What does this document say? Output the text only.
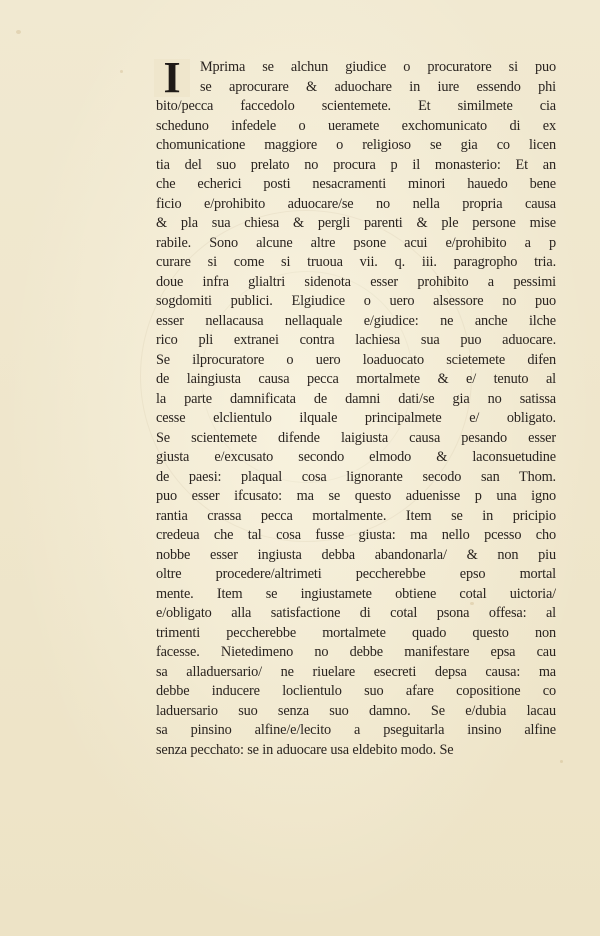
I	Mprima se alchun giudice o procuratore si puo
se aprocurare & aduochare in iure essendo phi
bito/pecca faccedolo scientemete. Et similmete cia
scheduno infedele o ueramete exchomunicato di ex
chomunicatione maggiore o religioso se gia co licen
tia del suo prelato no procura p il monasterio: Et an
che echerici posti nesacramenti minori hauedo bene
ficio e/prohibito aduocare/se no nella propria causa
& pla sua chiesa & pergli parenti & ple persone mise
rabile. Sono alcune altre psone acui e/prohibito a p
curare si come si truoua vii. q. iii. paragropho tria.
doue infra glialtri sidenota esser prohibito a pessimi
sogdomiti publici. Elgiudice o uero alsessore no puo
esser nellacausa nellaquale e/giudice: ne anche ilche
rico pli extranei contra lachiesa sua puo aduocare.
Se ilprocuratore o uero loaduocato scietemete difen
de laingiusta causa pecca mortalmete & e/ tenuto al
la parte damnificata de damni dati/se gia no satissa
cesse elclientulo ilquale principalmete e/ obligato.
Se scientemete difende laigiusta causa pesando esser
giusta e/excusato secondo elmodo & laconsuetudine
de paesi: plaqual cosa lignorante secodo san Thom.
puo esser ifcusato: ma se questo aduenisse p una igno
rantia crassa pecca mortalmente. Item se in pricipio
credeua che tal cosa fusse giusta: ma nello pcesso cho
nobbe esser ingiusta debba abandonarla/ & non piu
oltre procedere/altrimeti peccherebbe epso mortal
mente. Item se ingiustamete obtiene cotal uictoria/
e/obligato alla satisfactione di cotal psona offesa: al
trimenti peccherebbe mortalmete quado questo non
facesse. Nietedimeno no debbe manifestare epsa cau
sa alladuersario/ ne riuelare esecreti depsa causa: ma
debbe inducere loclientulo suo afare copositione co
laduersario suo senza suo damno. Se e/dubia lacau
sa pinsino alfine/e/lecito a pseguitarla insino alfine
senza pecchato: se in aduocare usa eldebito modo. Se
